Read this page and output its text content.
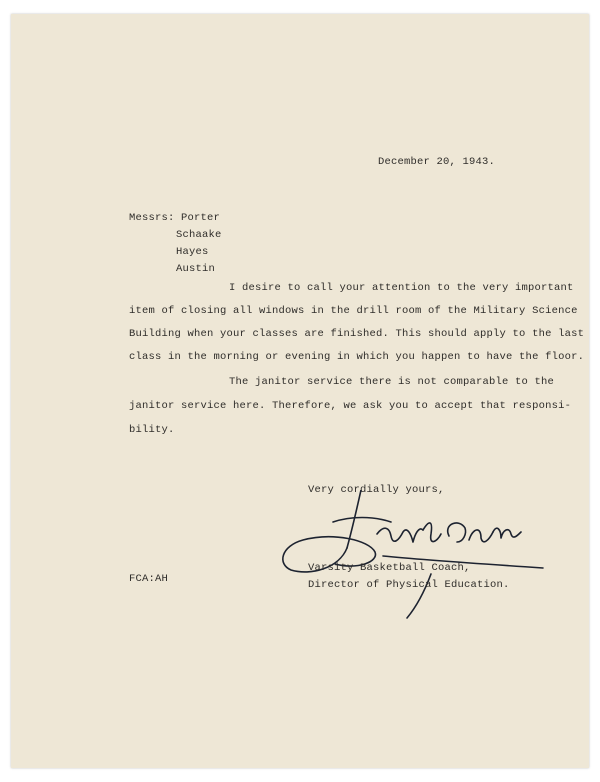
December 20, 1943.

Messrs: Porter
Schaake
Hayes
Austin
I desire to call your attention to the very important
item of closing all windows in the drill room of the Military Science
Building when your classes are finished. This should apply to the last
class in the morning or evening in which you happen to have the floor.
The janitor service there is not comparable to the
janitor service here. Therefore, we ask you to accept that responsi-
bility.

Very cordially yours,

Varsity Basketball Coach,
Director of Physical Education.

FCA:AH
